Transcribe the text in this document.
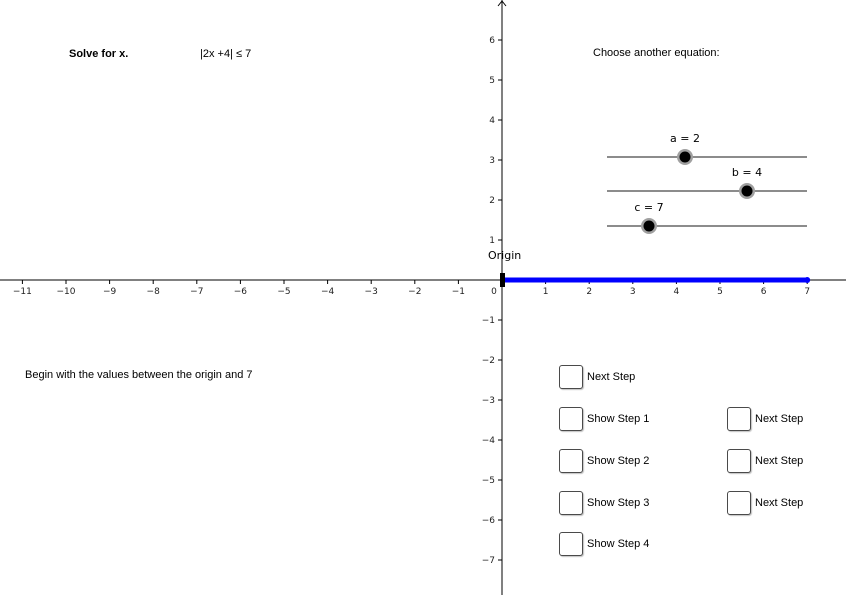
−11	−10	−9	−8	−7	−6	−5	−4	−3	−2	−1	0	1	2	3	4	5	6	7
1
2
3
4
5
6
−1
−2
−3
−4
−5
−6
−7
a = 2
b = 4
c = 7
Origin
Solve for x.	|2x +4| ≤ 7	Choose another equation:
Begin with the values between the origin and 7	Next Step
Show Step 1
Show Step 2
Show Step 3
Show Step 4
Next Step
Next Step
Next Step
